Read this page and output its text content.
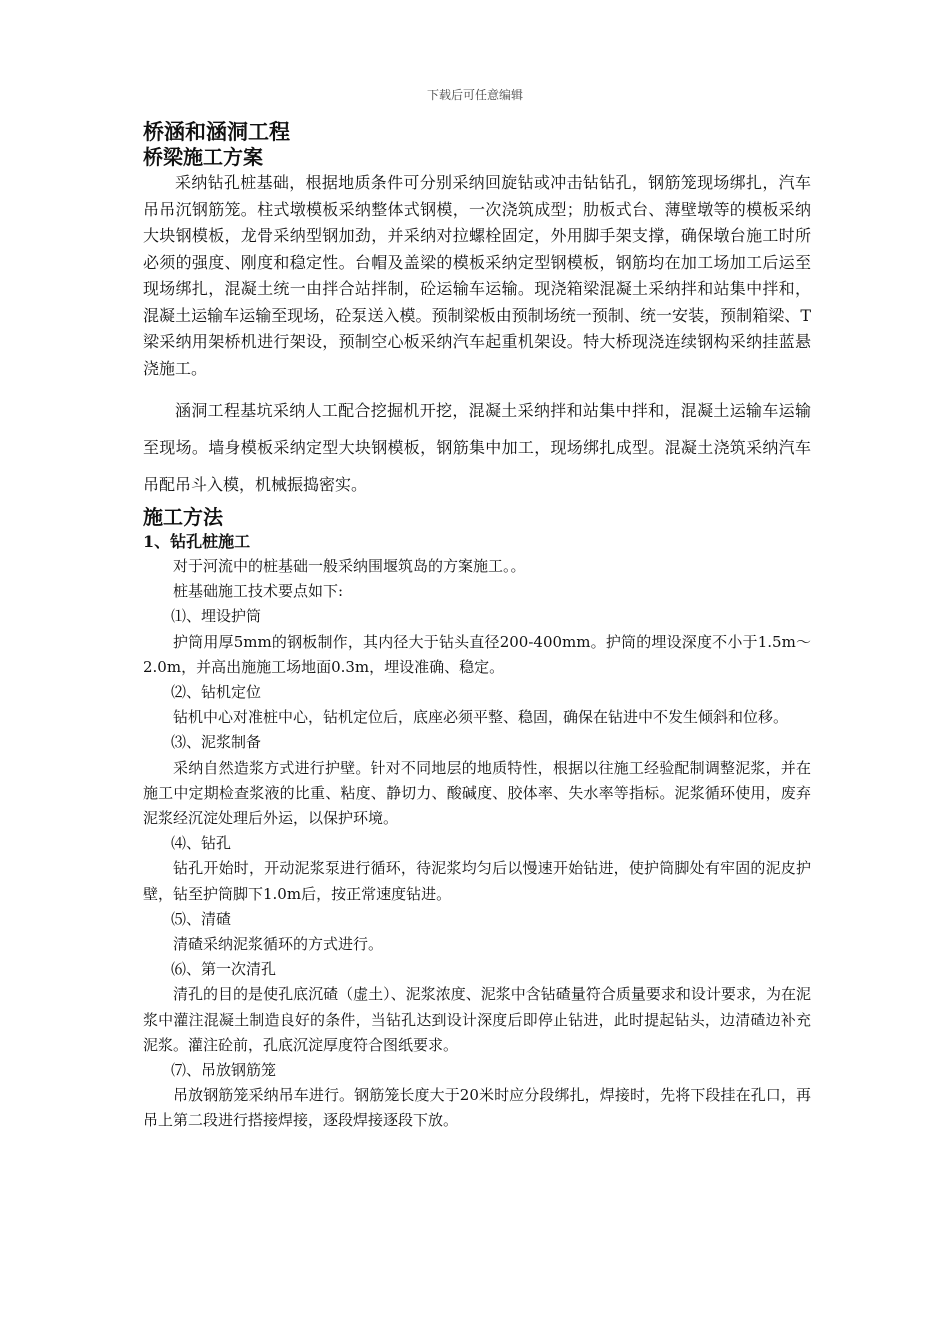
下载后可任意编辑
桥涵和涵洞工程
桥梁施工方案

采纳钻孔桩基础，根据地质条件可分别采纳回旋钻或冲击钻钻孔，钢筋笼现场绑扎，汽车吊吊沉钢筋笼。柱式墩模板采纳整体式钢模，一次浇筑成型；肋板式台、薄壁墩等的模板采纳大块钢模板，龙骨采纳型钢加劲，并采纳对拉螺栓固定，外用脚手架支撑，确保墩台施工时所必须的强度、刚度和稳定性。台帽及盖梁的模板采纳定型钢模板，钢筋均在加工场加工后运至现场绑扎，混凝土统一由拌合站拌制，砼运输车运输。现浇箱梁混凝土采纳拌和站集中拌和，混凝土运输车运输至现场，砼泵送入模。预制梁板由预制场统一预制、统一安装，预制箱梁、T梁采纳用架桥机进行架设，预制空心板采纳汽车起重机架设。特大桥现浇连续钢构采纳挂蓝悬浇施工。

涵洞工程基坑采纳人工配合挖掘机开挖，混凝土采纳拌和站集中拌和，混凝土运输车运输至现场。墙身模板采纳定型大块钢模板，钢筋集中加工，现场绑扎成型。混凝土浇筑采纳汽车吊配吊斗入模，机械振捣密实。

施工方法
1、钻孔桩施工

对于河流中的桩基础一般采纳围堰筑岛的方案施工。。

桩基础施工技术要点如下:

⑴、埋设护筒

护筒用厚5mm的钢板制作，其内径大于钻头直径200-400mm。护筒的埋设深度不小于1.5m～2.0m，并高出施施工场地面0.3m，埋设准确、稳定。

⑵、钻机定位

钻机中心对准桩中心，钻机定位后，底座必须平整、稳固，确保在钻进中不发生倾斜和位移。

⑶、泥浆制备

采纳自然造浆方式进行护壁。针对不同地层的地质特性，根据以往施工经验配制调整泥浆，并在施工中定期检查浆液的比重、粘度、静切力、酸碱度、胶体率、失水率等指标。泥浆循环使用，废弃泥浆经沉淀处理后外运，以保护环境。

⑷、钻孔

钻孔开始时，开动泥浆泵进行循环，待泥浆均匀后以慢速开始钻进，使护筒脚处有牢固的泥皮护壁，钻至护筒脚下1.0m后，按正常速度钻进。

⑸、清碴

清碴采纳泥浆循环的方式进行。

⑹、第一次清孔

清孔的目的是使孔底沉碴（虚土）、泥浆浓度、泥浆中含钻碴量符合质量要求和设计要求，为在泥浆中灌注混凝土制造良好的条件，当钻孔达到设计深度后即停止钻进，此时提起钻头，边清碴边补充泥浆。灌注砼前，孔底沉淀厚度符合图纸要求。

⑺、吊放钢筋笼

吊放钢筋笼采纳吊车进行。钢筋笼长度大于20米时应分段绑扎，焊接时，先将下段挂在孔口，再吊上第二段进行搭接焊接，逐段焊接逐段下放。
